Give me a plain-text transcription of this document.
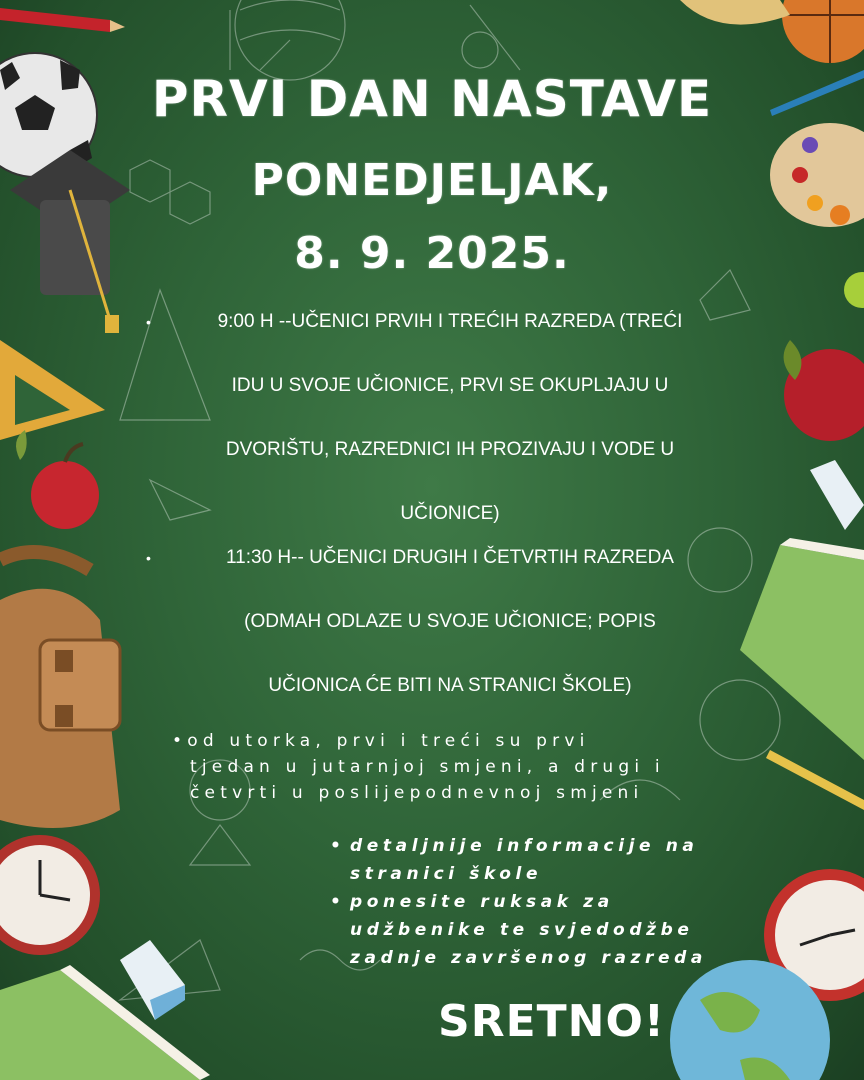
PRVI DAN NASTAVE
PONEDJELJAK,
8. 9. 2025.
•	9:00 H --UČENICI PRVIH I TREĆIH RAZREDA (TREĆI
IDU U SVOJE UČIONICE, PRVI SE OKUPLJAJU U
DVORIŠTU, RAZREDNICI IH PROZIVAJU I VODE U
UČIONICE)
•	11:30 H-- UČENICI DRUGIH I ČETVRTIH RAZREDA
(ODMAH ODLAZE U SVOJE UČIONICE; POPIS
UČIONICA ĆE BITI NA STRANICI ŠKOLE)
•od utorka, prvi i treći su prvi
tjedan u jutarnjoj smjeni, a drugi i
četvrti u poslijepodnevnoj smjeni
• detaljnije informacije na
stranici škole
• ponesite ruksak za
udžbenike te svjedodžbe
zadnje završenog razreda
SRETNO!
